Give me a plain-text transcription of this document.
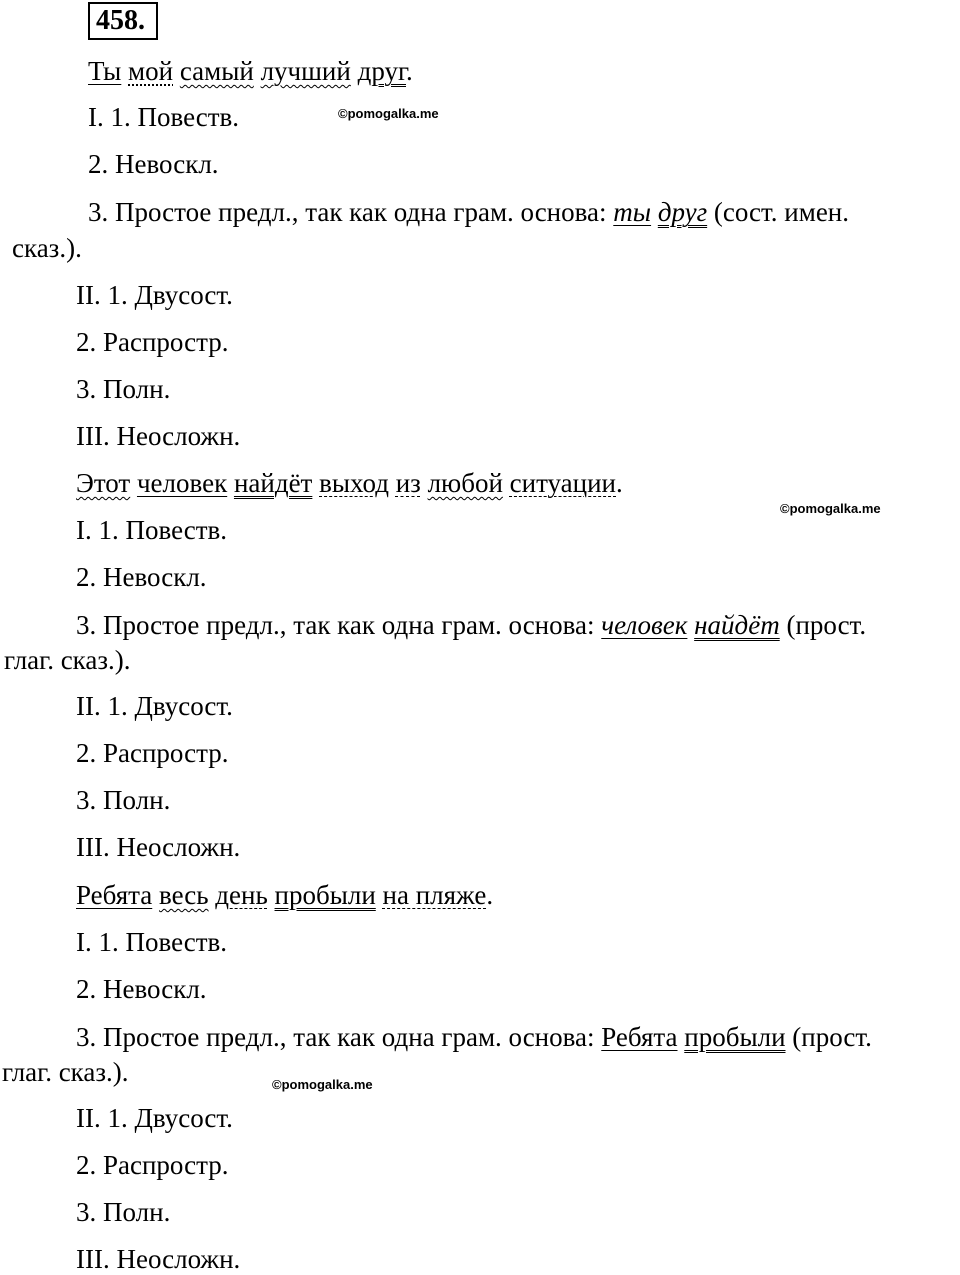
458.
Ты мой самый лучший друг.
©pomogalka.me
I. 1. Повеств.
2. Невоскл.
3. Простое предл., так как одна грам. основа: ты друг (сост. имен.
сказ.).
II. 1. Двусост.
2. Распростр.
3. Полн.
III. Неосложн.
Этот человек найдёт выход из любой ситуации.
©pomogalka.me
I. 1. Повеств.
2. Невоскл.
3. Простое предл., так как одна грам. основа: человек найдёт (прост.
глаг. сказ.).
II. 1. Двусост.
2. Распростр.
3. Полн.
III. Неосложн.
Ребята весь день пробыли на пляже.
I. 1. Повеств.
2. Невоскл.
3. Простое предл., так как одна грам. основа: Ребята пробыли (прост.
глаг. сказ.).	©pomogalka.me
II. 1. Двусост.
2. Распростр.
3. Полн.
III. Неосложн.
